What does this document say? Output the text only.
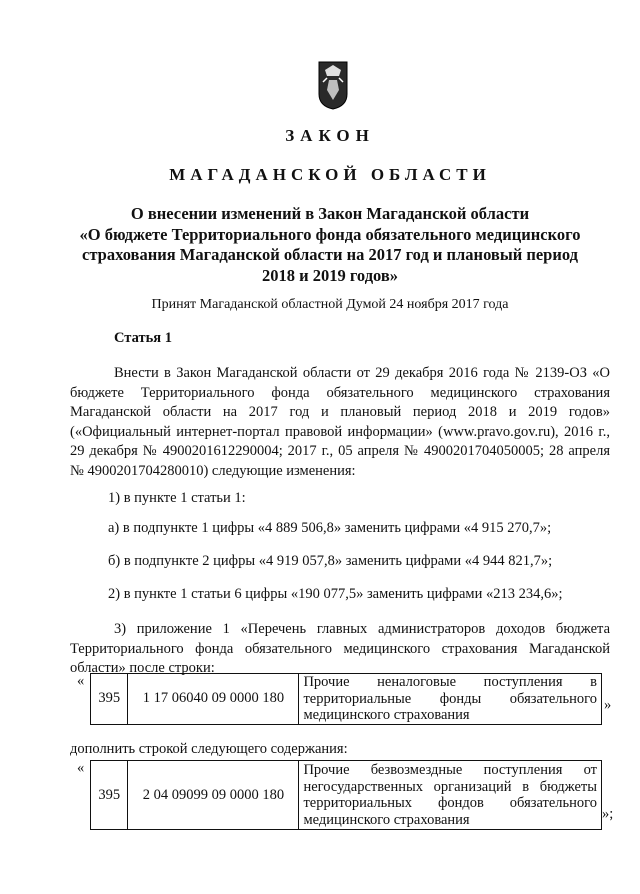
ЗАКОН
МАГАДАНСКОЙ ОБЛАСТИ
О внесении изменений в Закон Магаданской области
«О бюджете Территориального фонда обязательного медицинского
страхования Магаданской области на 2017 год и плановый период
2018 и 2019 годов»
Принят Магаданской областной Думой 24 ноября 2017 года
Статья 1
Внести в Закон Магаданской области от 29 декабря 2016 года № 2139-ОЗ «О бюджете Территориального фонда обязательного медицинского страхования Магаданской области на 2017 год и плановый период 2018 и 2019 годов» («Официальный интернет-портал правовой информации» (www.pravo.gov.ru), 2016 г., 29 декабря № 4900201612290004; 2017 г., 05 апреля № 4900201704050005; 28 апреля № 4900201704280010) следующие изменения:
1) в пункте 1 статьи 1:
а) в подпункте 1 цифры «4 889 506,8» заменить цифрами «4 915 270,7»;
б) в подпункте 2 цифры «4 919 057,8» заменить цифрами «4 944 821,7»;
2) в пункте 1 статьи 6 цифры «190 077,5» заменить цифрами «213 234,6»;
3) приложение 1 «Перечень главных администраторов доходов бюджета Территориального фонда обязательного медицинского страхования Магаданской области» после строки:
«
395	1 17 06040 09 0000 180	Прочие неналоговые поступления в территориальные фонды обязательного медицинского страхования
»
дополнить строкой следующего содержания:
«
395	2 04 09099 09 0000 180	Прочие безвозмездные поступления от негосударственных организаций в бюджеты территориальных фондов обязательного медицинского страхования	»;
